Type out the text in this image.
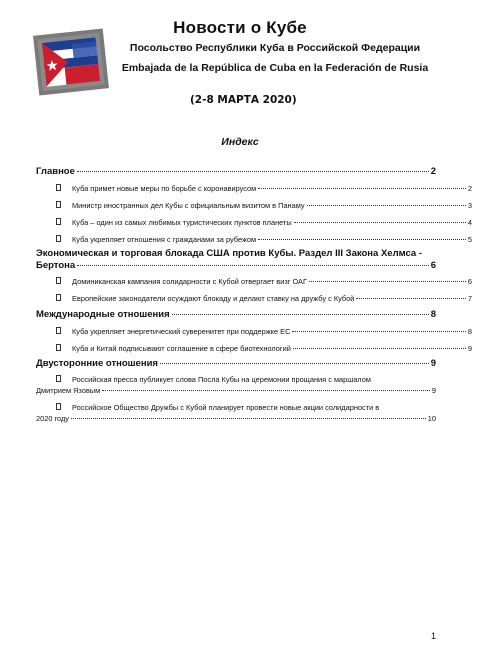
Новости о Кубе
Посольство Республики Куба в Российской Федерации
Embajada de la República de Cuba en la Federación de Rusia
(2-8 МАРТА 2020)
Индекс
Главное	2
Куба примет новые меры по борьбе с коронавирусом	2
Министр иностранных дел Кубы с официальным визитом в Панаму	3
Куба – один из самых любимых туристических пунктов планеты	4
Куба укрепляет отношения с гражданами за рубежом	5
Экономическая и торговая блокада США против Кубы. Раздел III Закона Хелмса -
Бертона	6
Доминиканская кампания солидарности с Кубой отвергает визг ОАГ	6
Европейские законодатели осуждают блокаду и делают ставку на дружбу с Кубой	7
Международные отношения	8
Куба укрепляет энергетический суверенитет при поддержке ЕС	8
Куба и Китай подписывают соглашение в сфере биотехнологий	9
Двусторонние отношения	9
Российская пресса публикует слова Посла Кубы на церемонии прощания с маршалом
Дмитрием Язовым	9
Российское Общество Дружбы с Кубой планирует провести новые акции солидарности в
2020 году	10
1
